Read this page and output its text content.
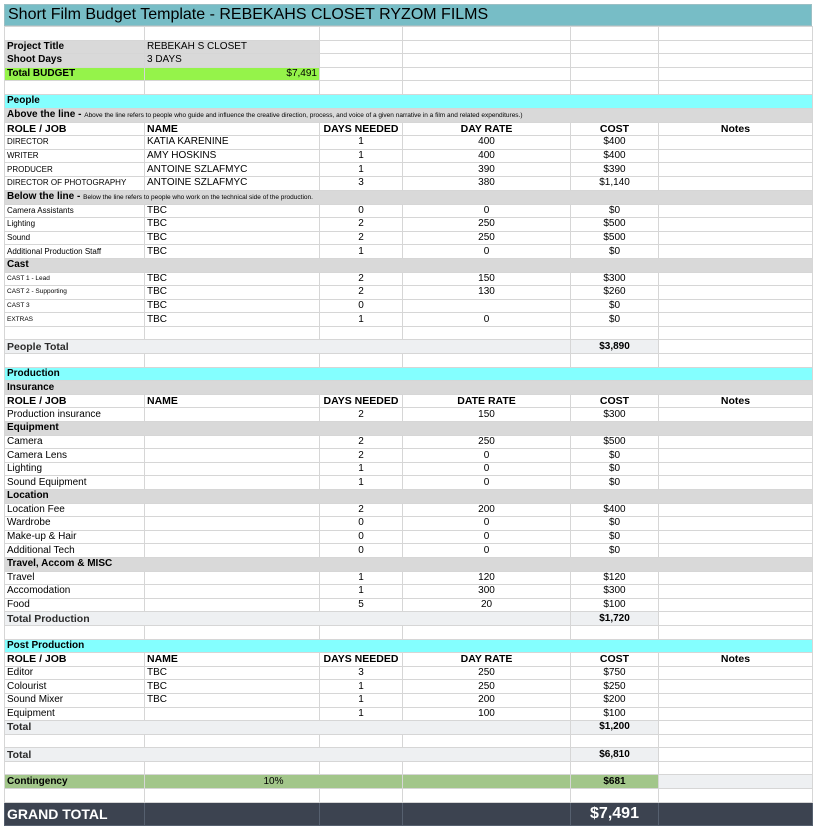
Short Film Budget Template - REBEKAHS CLOSET RYZOM FILMS

Project Title	REBEKAH S CLOSET				
Shoot Days	3 DAYS				
Total BUDGET	$7,491				

People					
Above the line - Above the line refers to people who guide and influence the creative direction, process, and voice of a given narrative in a film and related expenditures.)					
ROLE / JOB	NAME	DAYS NEEDED	DAY RATE	COST	Notes
DIRECTOR	KATIA KARENINE	1	400	$400	
WRITER	AMY HOSKINS	1	400	$400	
PRODUCER	ANTOINE SZLAFMYC	1	390	$390	
DIRECTOR OF PHOTOGRAPHY	ANTOINE SZLAFMYC	3	380	$1,140	
Below the line - Below the line refers to people who work on the technical side of the production.					
Camera Assistants	TBC	0	0	$0	
Lighting	TBC	2	250	$500	
Sound	TBC	2	250	$500	
Additional Production Staff	TBC	1	0	$0	
Cast					
CAST 1 - Lead	TBC	2	150	$300	
CAST 2 - Supporting	TBC	2	130	$260	
CAST 3	TBC	0		$0	
EXTRAS	TBC	1	0	$0	

People Total				$3,890	

Production					
Insurance					
ROLE / JOB	NAME	DAYS NEEDED	DATE RATE	COST	Notes
Production insurance		2	150	$300	
Equipment					
Camera		2	250	$500	
Camera Lens		2	0	$0	
Lighting		1	0	$0	
Sound Equipment		1	0	$0	
Location					
Location Fee		2	200	$400	
Wardrobe		0	0	$0	
Make-up & Hair		0	0	$0	
Additional Tech		0	0	$0	
Travel, Accom & MISC					
Travel		1	120	$120	
Accomodation		1	300	$300	
Food		5	20	$100	
Total Production				$1,720	

Post Production					
ROLE / JOB	NAME	DAYS NEEDED	DAY RATE	COST	Notes
Editor	TBC	3	250	$750	
Colourist	TBC	1	250	$250	
Sound Mixer	TBC	1	200	$200	
Equipment		1	100	$100	
Total				$1,200	

Total				$6,810	

Contingency	10%			$681	

GRAND TOTAL				$7,491	
